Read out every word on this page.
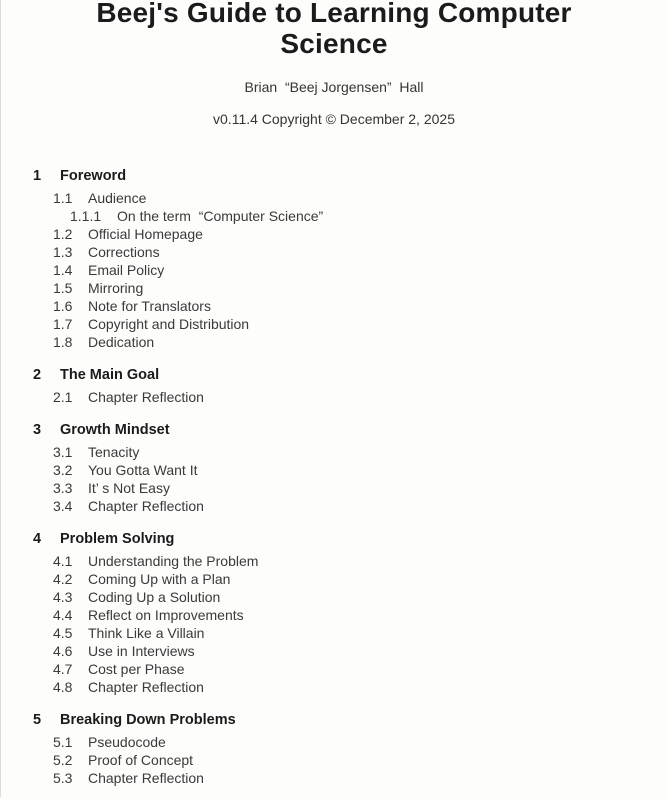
Beej's Guide to Learning Computer Science

Brian  “Beej Jorgensen”  Hall

v0.11.4 Copyright © December 2, 2025

1 Foreword
1.1 Audience
1.1.1 On the term  “Computer Science”
1.2 Official Homepage
1.3 Corrections
1.4 Email Policy
1.5 Mirroring
1.6 Note for Translators
1.7 Copyright and Distribution
1.8 Dedication
2 The Main Goal
2.1 Chapter Reflection
3 Growth Mindset
3.1 Tenacity
3.2 You Gotta Want It
3.3 It’ s Not Easy
3.4 Chapter Reflection
4 Problem Solving
4.1 Understanding the Problem
4.2 Coming Up with a Plan
4.3 Coding Up a Solution
4.4 Reflect on Improvements
4.5 Think Like a Villain
4.6 Use in Interviews
4.7 Cost per Phase
4.8 Chapter Reflection
5 Breaking Down Problems
5.1 Pseudocode
5.2 Proof of Concept
5.3 Chapter Reflection
